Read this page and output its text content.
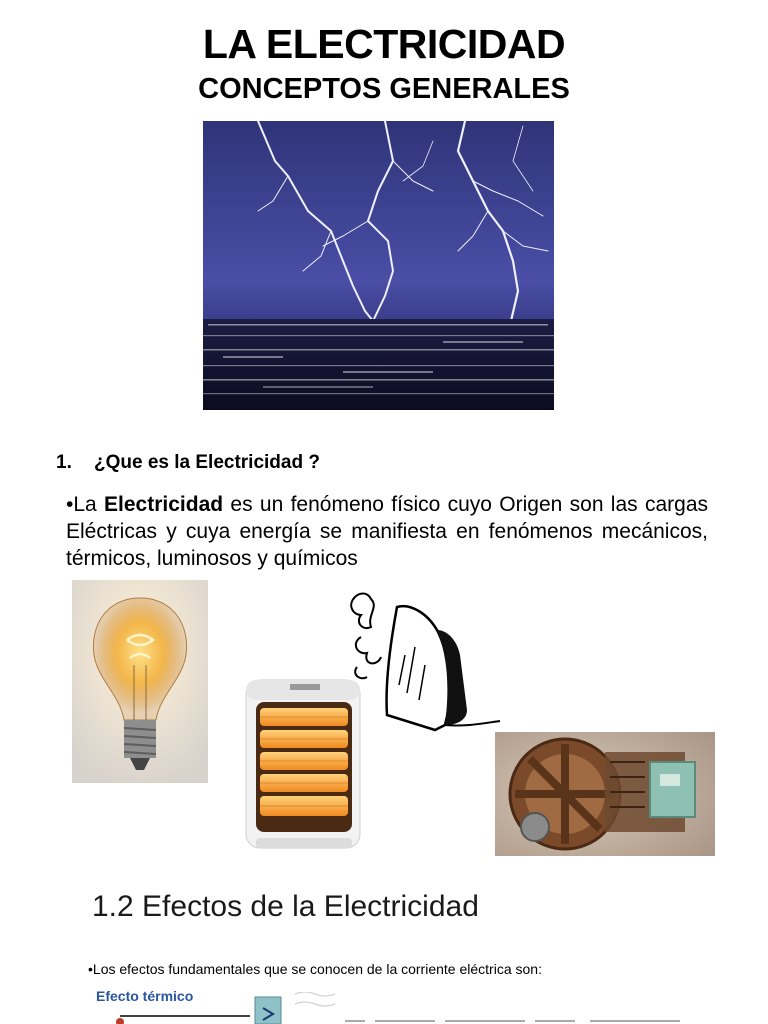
LA ELECTRICIDAD
CONCEPTOS GENERALES
1. ¿Que es la Electricidad ?
•La Electricidad es un fenómeno físico cuyo Origen son las cargas Eléctricas y cuya energía se manifiesta en fenómenos mecánicos, térmicos, luminosos y químicos
1.2 Efectos de la Electricidad
•Los efectos fundamentales que se conocen de la corriente eléctrica son:
Efecto térmico
